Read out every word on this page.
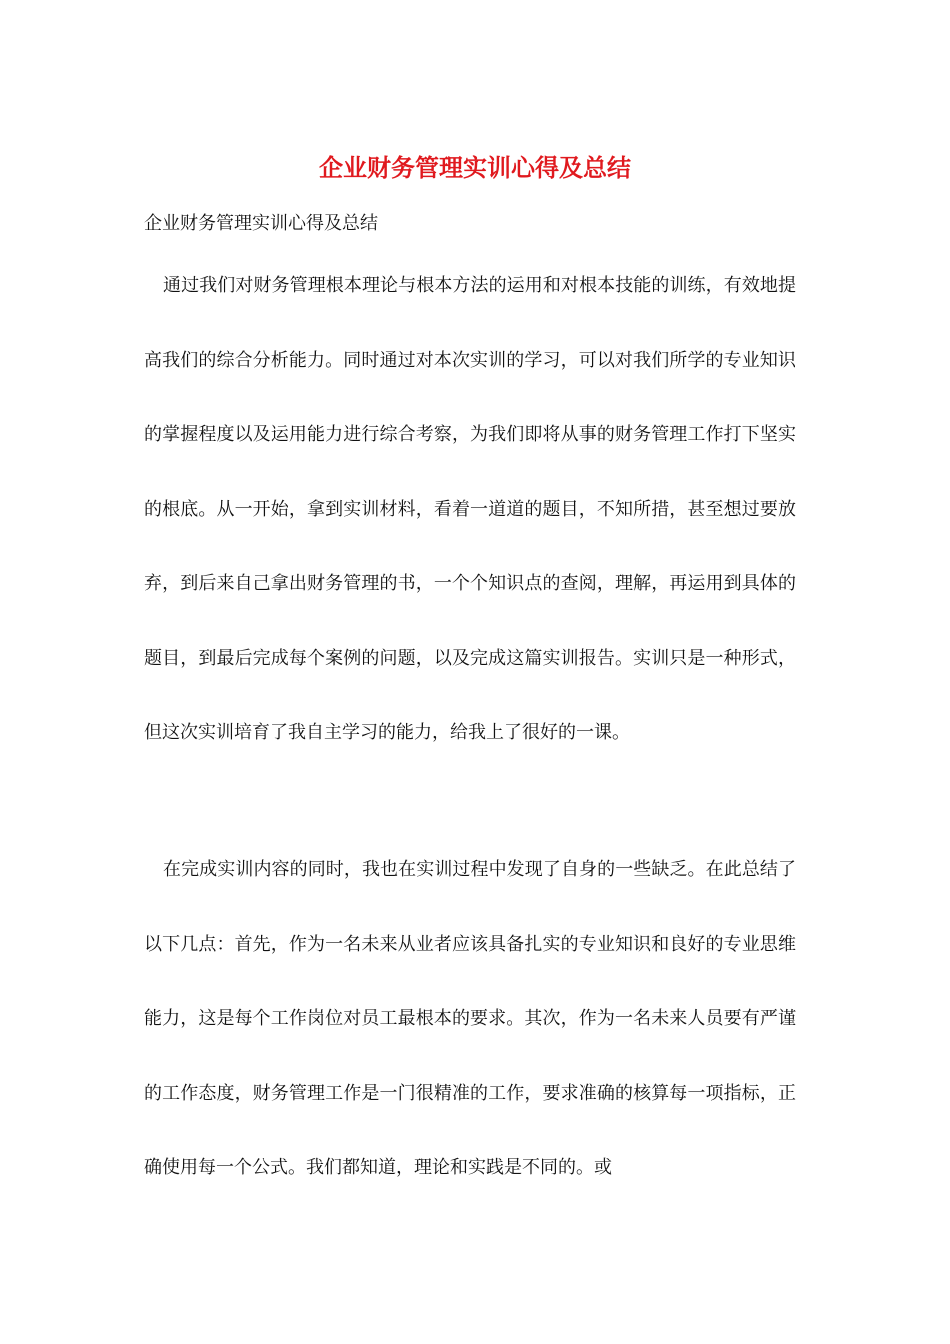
企业财务管理实训心得及总结
企业财务管理实训心得及总结

通过我们对财务管理根本理论与根本方法的运用和对根本技能的训练，有效地提高我们的综合分析能力。同时通过对本次实训的学习，可以对我们所学的专业知识的掌握程度以及运用能力进行综合考察，为我们即将从事的财务管理工作打下坚实的根底。从一开始，拿到实训材料，看着一道道的题目，不知所措，甚至想过要放弃，到后来自己拿出财务管理的书，一个个知识点的查阅，理解，再运用到具体的题目，到最后完成每个案例的问题，以及完成这篇实训报告。实训只是一种形式，但这次实训培育了我自主学习的能力，给我上了很好的一课。

在完成实训内容的同时，我也在实训过程中发现了自身的一些缺乏。在此总结了以下几点：首先，作为一名未来从业者应该具备扎实的专业知识和良好的专业思维能力，这是每个工作岗位对员工最根本的要求。其次，作为一名未来人员要有严谨的工作态度，财务管理工作是一门很精准的工作，要求准确的核算每一项指标，正确使用每一个公式。我们都知道，理论和实践是不同的。或
